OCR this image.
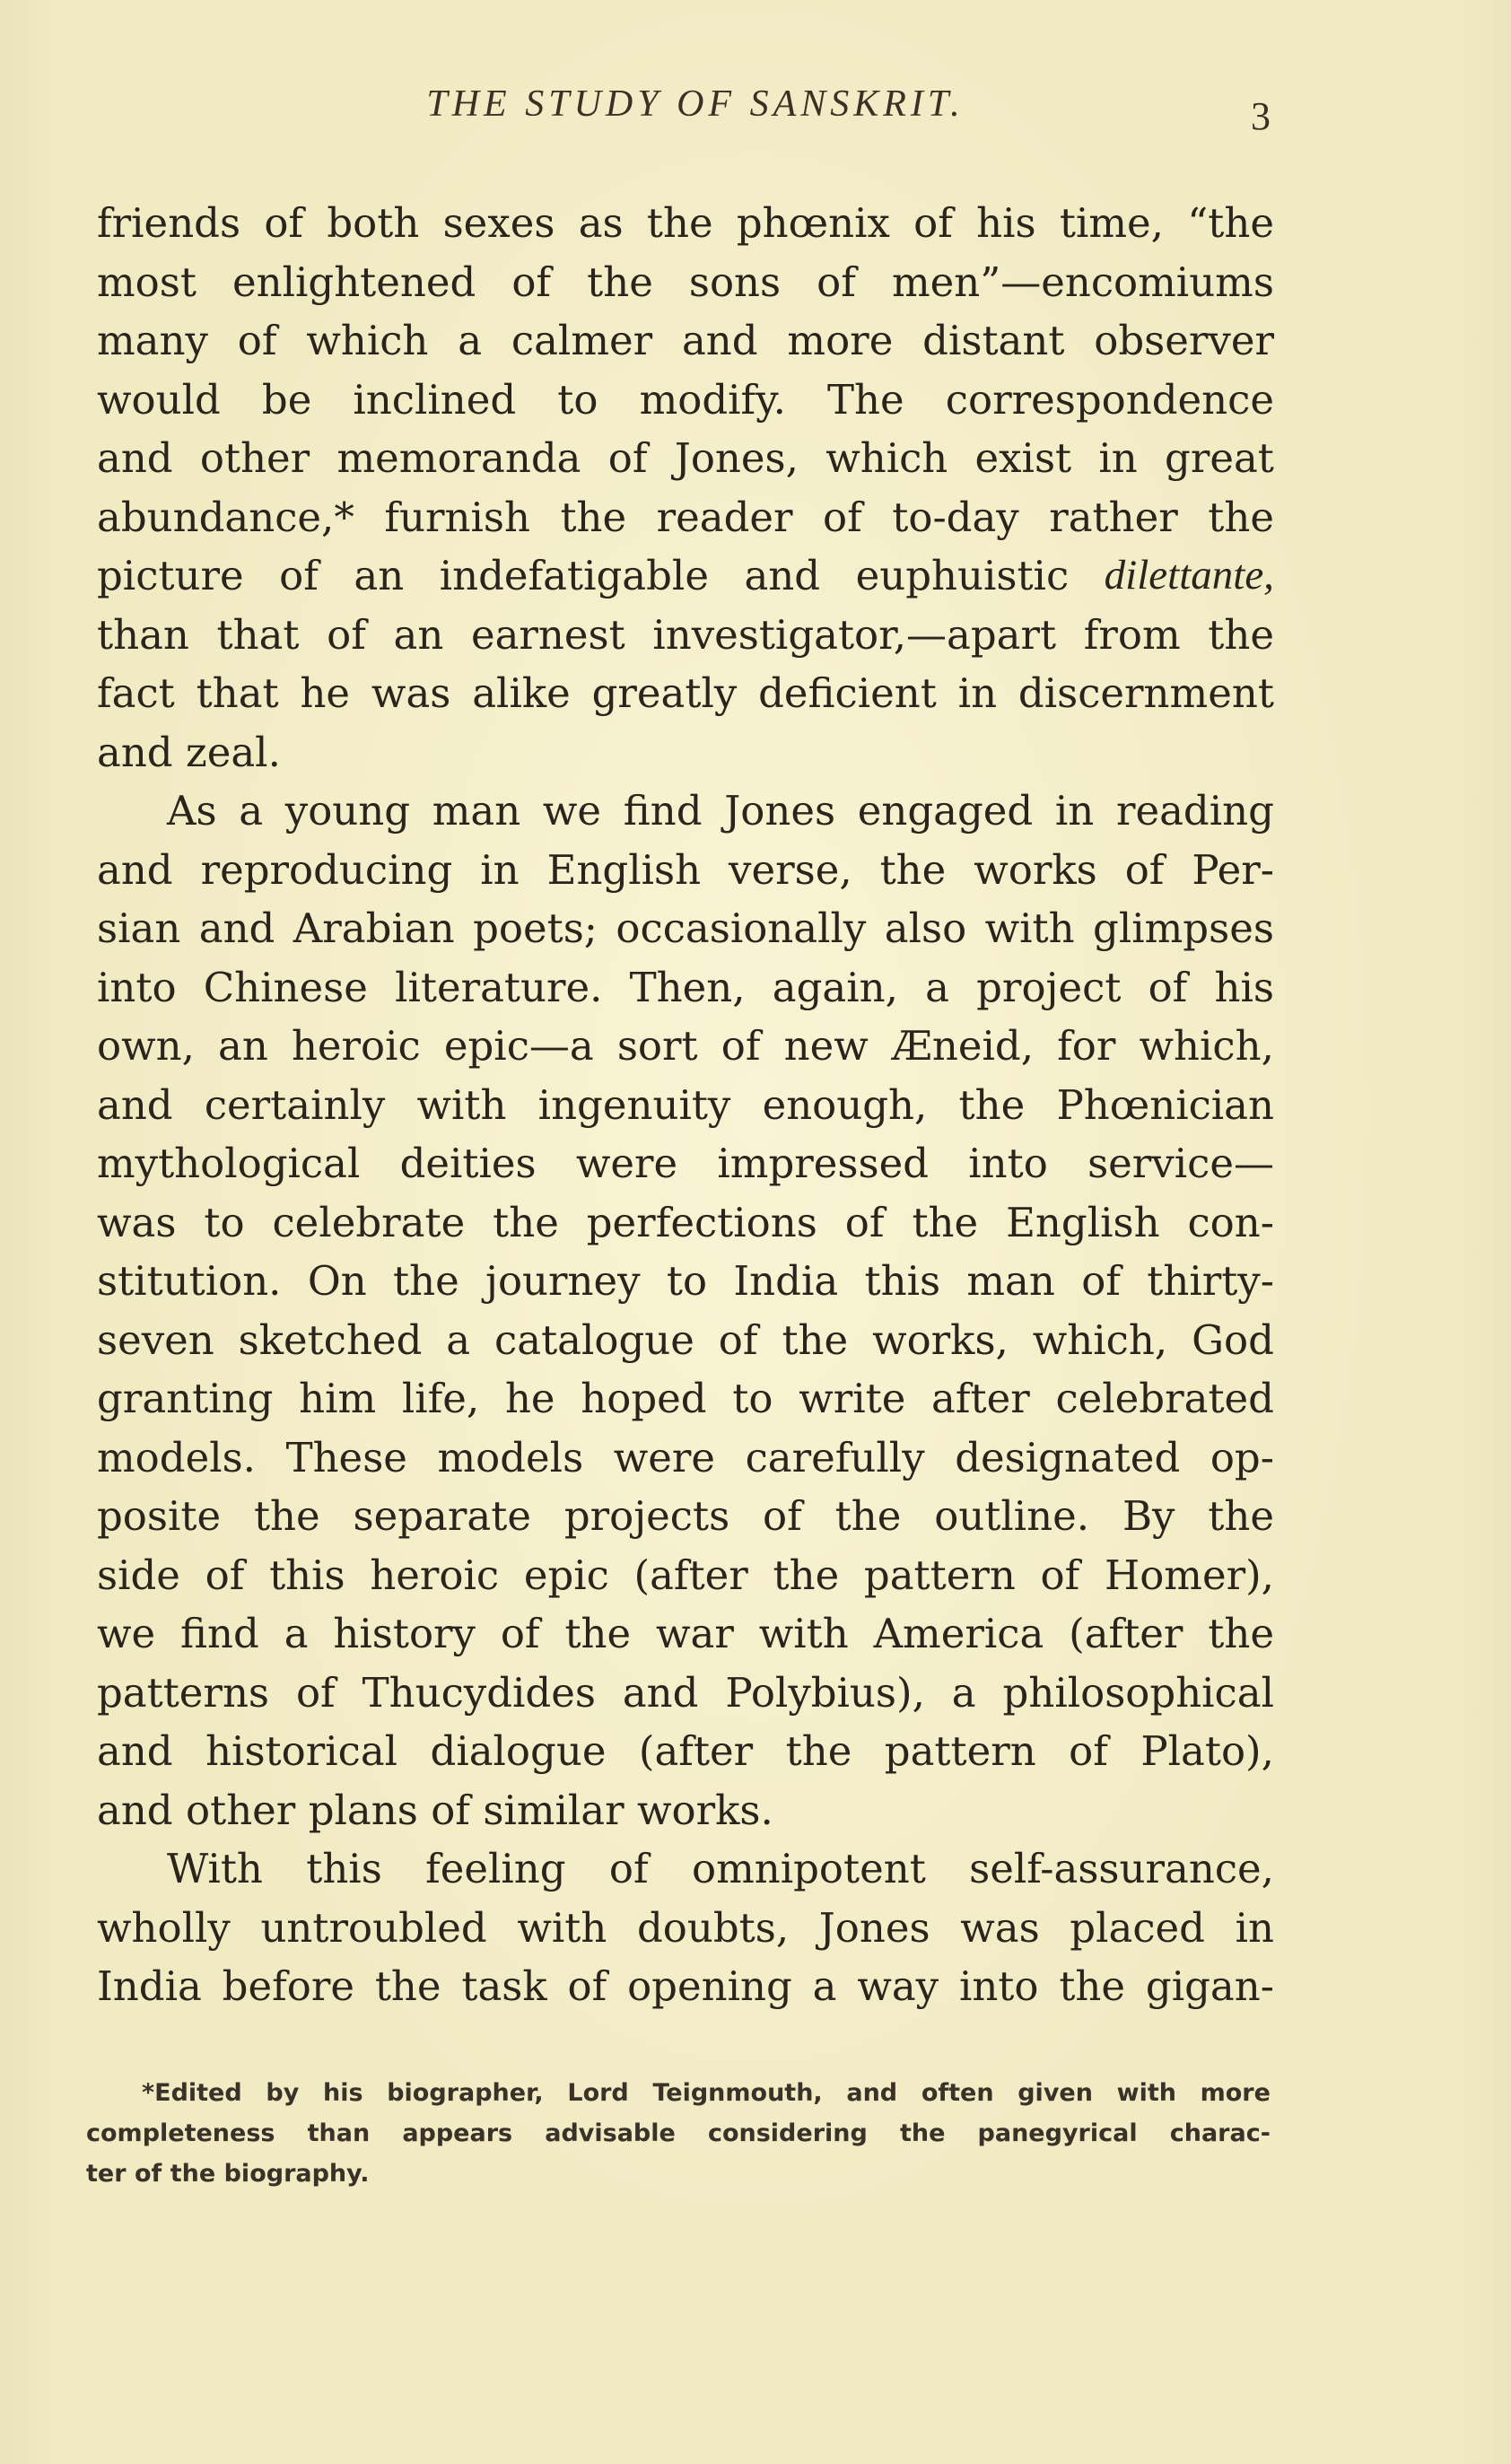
THE STUDY OF SANSKRIT.	3
friends of both sexes as the phœnix of his time, “the
most enlightened of the sons of men”—encomiums
many of which a calmer and more distant observer
would be inclined to modify. The correspondence
and other memoranda of Jones, which exist in great
abundance,* furnish the reader of to-day rather the
picture of an indefatigable and euphuistic dilettante,
than that of an earnest investigator,—apart from the
fact that he was alike greatly deficient in discernment
and zeal.
As a young man we find Jones engaged in reading
and reproducing in English verse, the works of Per-
sian and Arabian poets; occasionally also with glimpses
into Chinese literature. Then, again, a project of his
own, an heroic epic—a sort of new Æneid, for which,
and certainly with ingenuity enough, the Phœnician
mythological deities were impressed into service—
was to celebrate the perfections of the English con-
stitution. On the journey to India this man of thirty-
seven sketched a catalogue of the works, which, God
granting him life, he hoped to write after celebrated
models. These models were carefully designated op-
posite the separate projects of the outline. By the
side of this heroic epic (after the pattern of Homer),
we find a history of the war with America (after the
patterns of Thucydides and Polybius), a philosophical
and historical dialogue (after the pattern of Plato),
and other plans of similar works.
With this feeling of omnipotent self-assurance,
wholly untroubled with doubts, Jones was placed in
India before the task of opening a way into the gigan-
*Edited by his biographer, Lord Teignmouth, and often given with more
completeness than appears advisable considering the panegyrical charac-
ter of the biography.
